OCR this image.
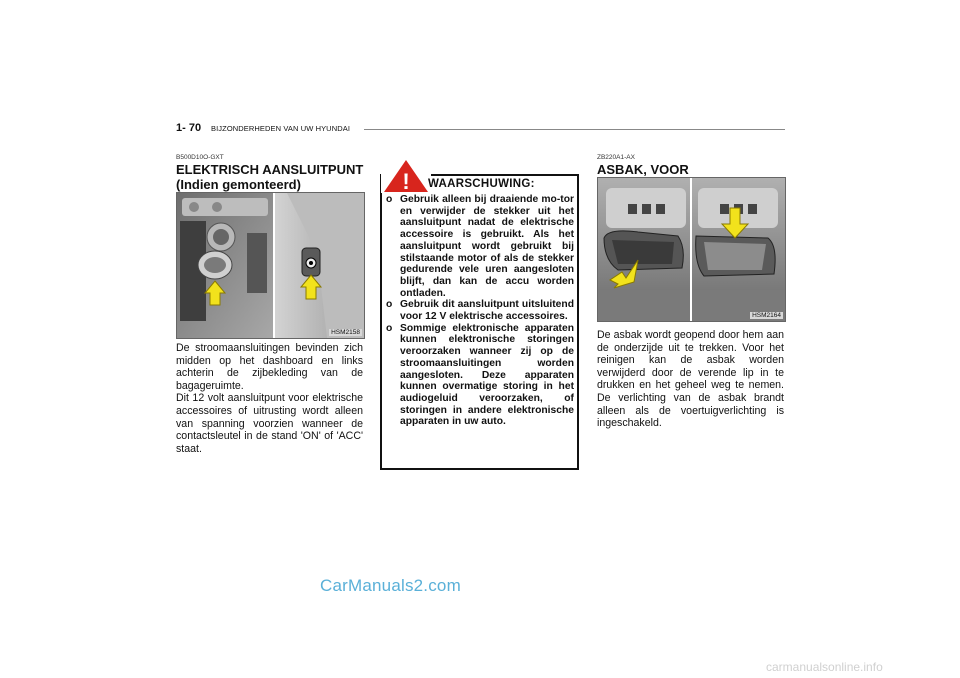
1- 70 BIJZONDERHEDEN VAN UW HYUNDAI
B500D10O-GXT
ELEKTRISCH AANSLUITPUNT
(Indien gemonteerd)
HSM2158

De stroomaansluitingen bevinden zich midden op het dashboard en links achterin de zijbekleding van de bagageruimte.

Dit 12 volt aansluitpunt voor elektrische accessoires of uitrusting wordt alleen van spanning voorzien wanneer de contactsleutel in de stand 'ON' of 'ACC' staat.

! WAARSCHUWING:
o Gebruik alleen bij draaiende mo-tor en verwijder de stekker uit het aansluitpunt nadat de elektrische accessoire is gebruikt. Als het aansluitpunt wordt gebruikt bij stilstaande motor of als de stekker gedurende vele uren aangesloten blijft, dan kan de accu worden ontladen.
o Gebruik dit aansluitpunt uitsluitend voor 12 V elektrische accessoires.
o Sommige elektronische apparaten kunnen elektronische storingen veroorzaken wanneer zij op de stroomaansluitingen worden aangesloten. Deze apparaten kunnen overmatige storing in het audiogeluid veroorzaken, of storingen in andere elektronische apparaten in uw auto.
ZB220A1-AX
ASBAK, VOOR
HSM2164
De asbak wordt geopend door hem aan de onderzijde uit te trekken. Voor het reinigen kan de asbak worden verwijderd door de verende lip in te drukken en het geheel weg te nemen. De verlichting van de asbak brandt alleen als de voertuigverlichting is ingeschakeld.
CarManuals2.com
carmanualsonline.info
